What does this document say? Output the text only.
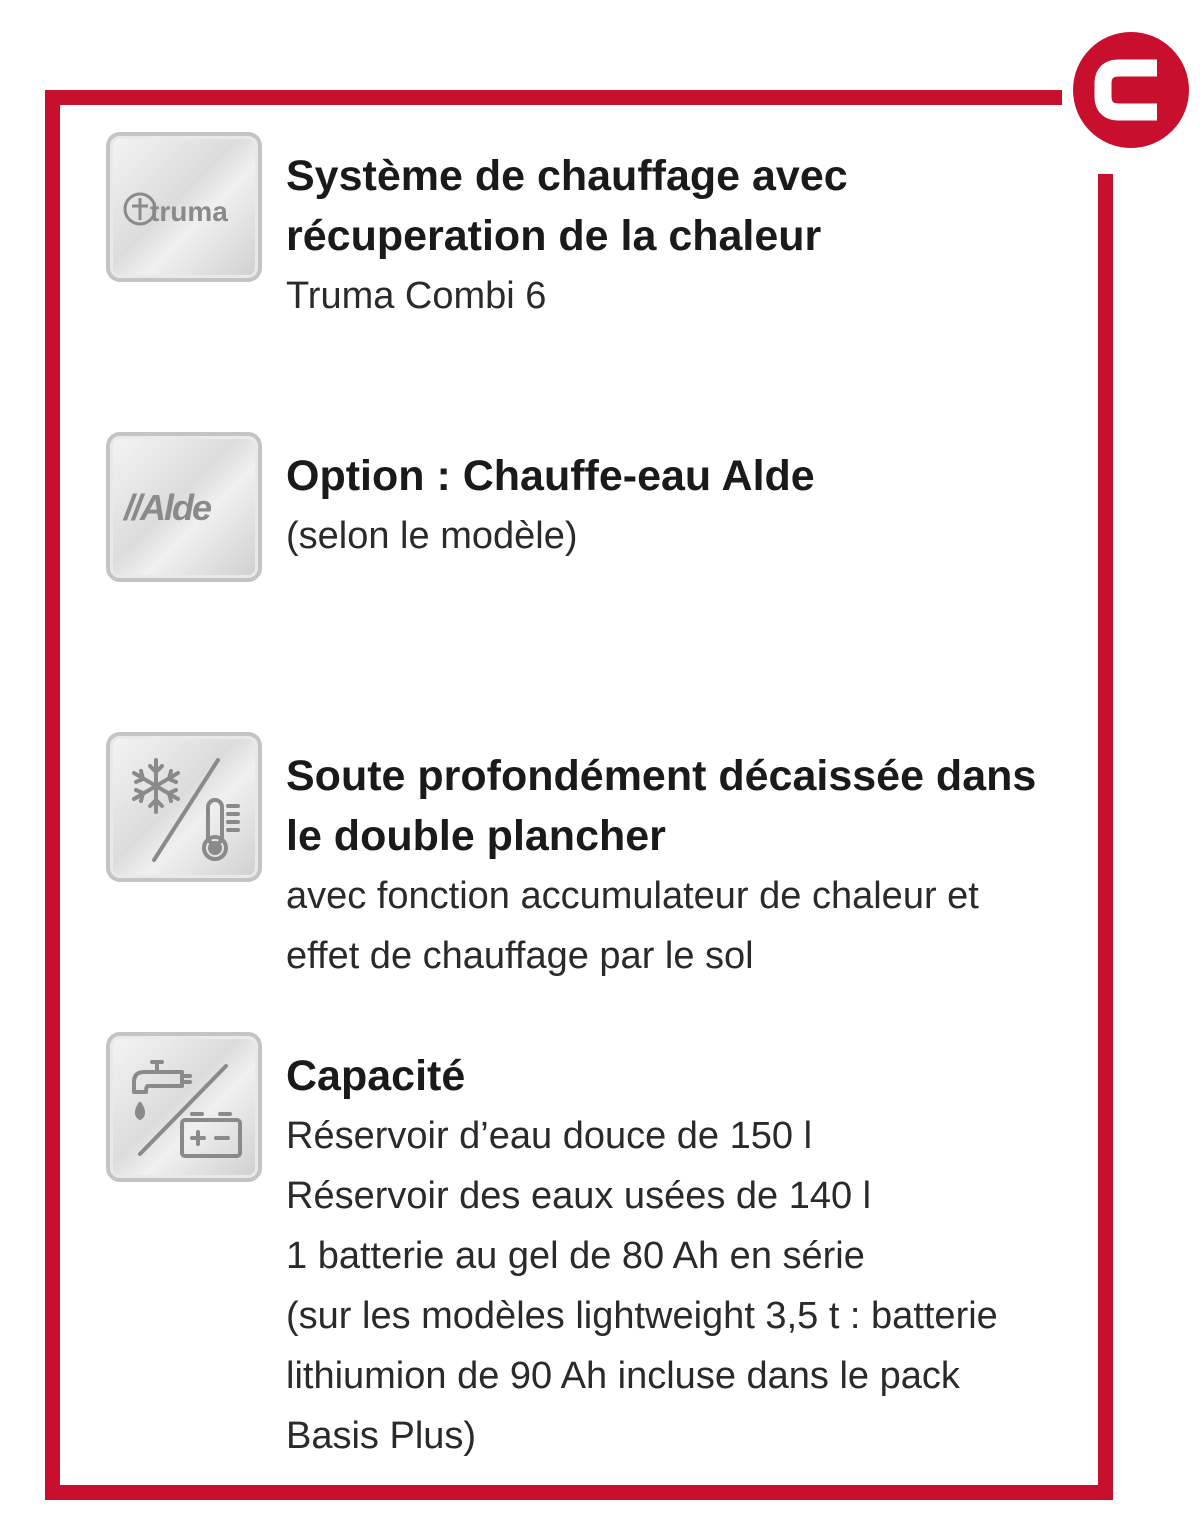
truma

Système de chauffage avec

récuperation de la chaleur

Truma Combi 6

//Alde

Option : Chauffe-eau Alde

(selon le modèle)

Soute profondément décaissée dans

le double plancher

avec fonction accumulateur de chaleur et

effet de chauffage par le sol

Capacité

Réservoir d’eau douce de 150 l

Réservoir des eaux usées de 140 l

1 batterie au gel de 80 Ah en série

(sur les modèles lightweight 3,5 t : batterie

lithiumion de 90 Ah incluse dans le pack

Basis Plus)
